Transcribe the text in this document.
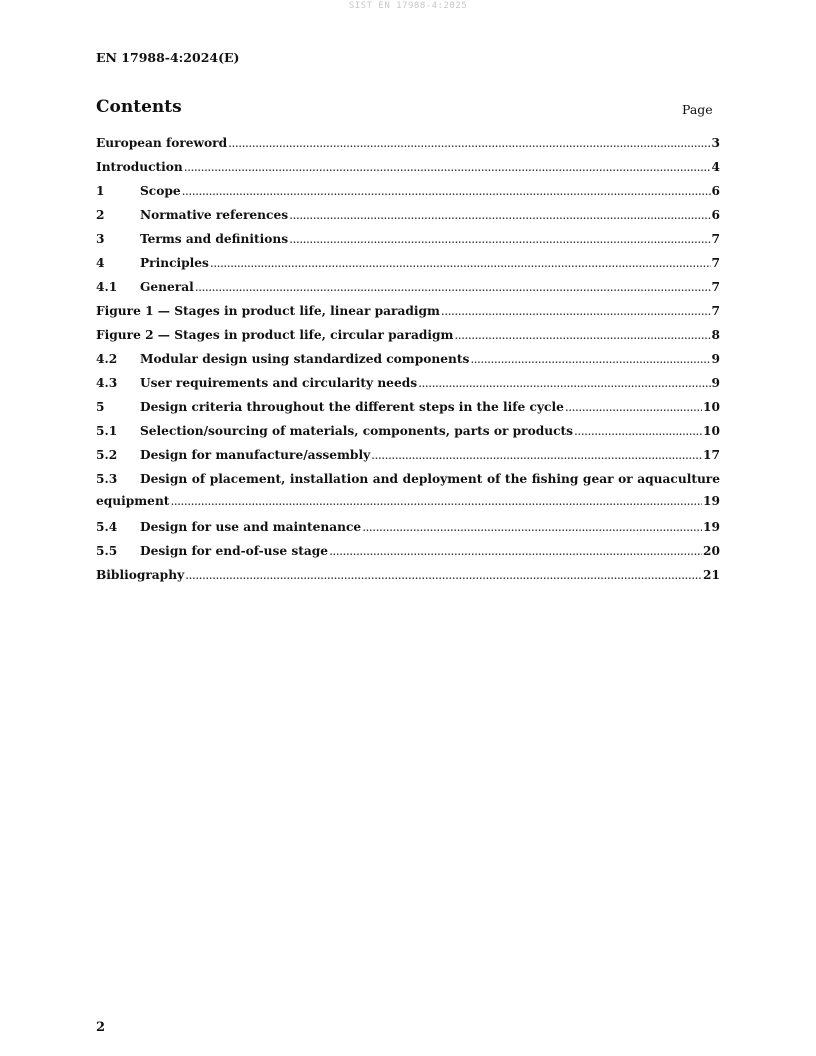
SIST EN 17988-4:2025
EN 17988-4:2024(E)
Contents	Page
European foreword .....	3
Introduction .....	4
1	Scope .....	6
2	Normative references .....	6
3	Terms and definitions .....	7
4	Principles .....	7
4.1	General .....	7
Figure 1 — Stages in product life, linear paradigm .....	7
Figure 2 — Stages in product life, circular paradigm .....	8
4.2	Modular design using standardized components .....	9
4.3	User requirements and circularity needs .....	9
5	Design criteria throughout the different steps in the life cycle .....	10
5.1	Selection/sourcing of materials, components, parts or products .....	10
5.2	Design for manufacture/assembly .....	17
5.3 Design of placement, installation and deployment of the fishing gear or aquaculture
equipment .....	19
5.4	Design for use and maintenance .....	19
5.5	Design for end-of-use stage .....	20
Bibliography .....	21
2
